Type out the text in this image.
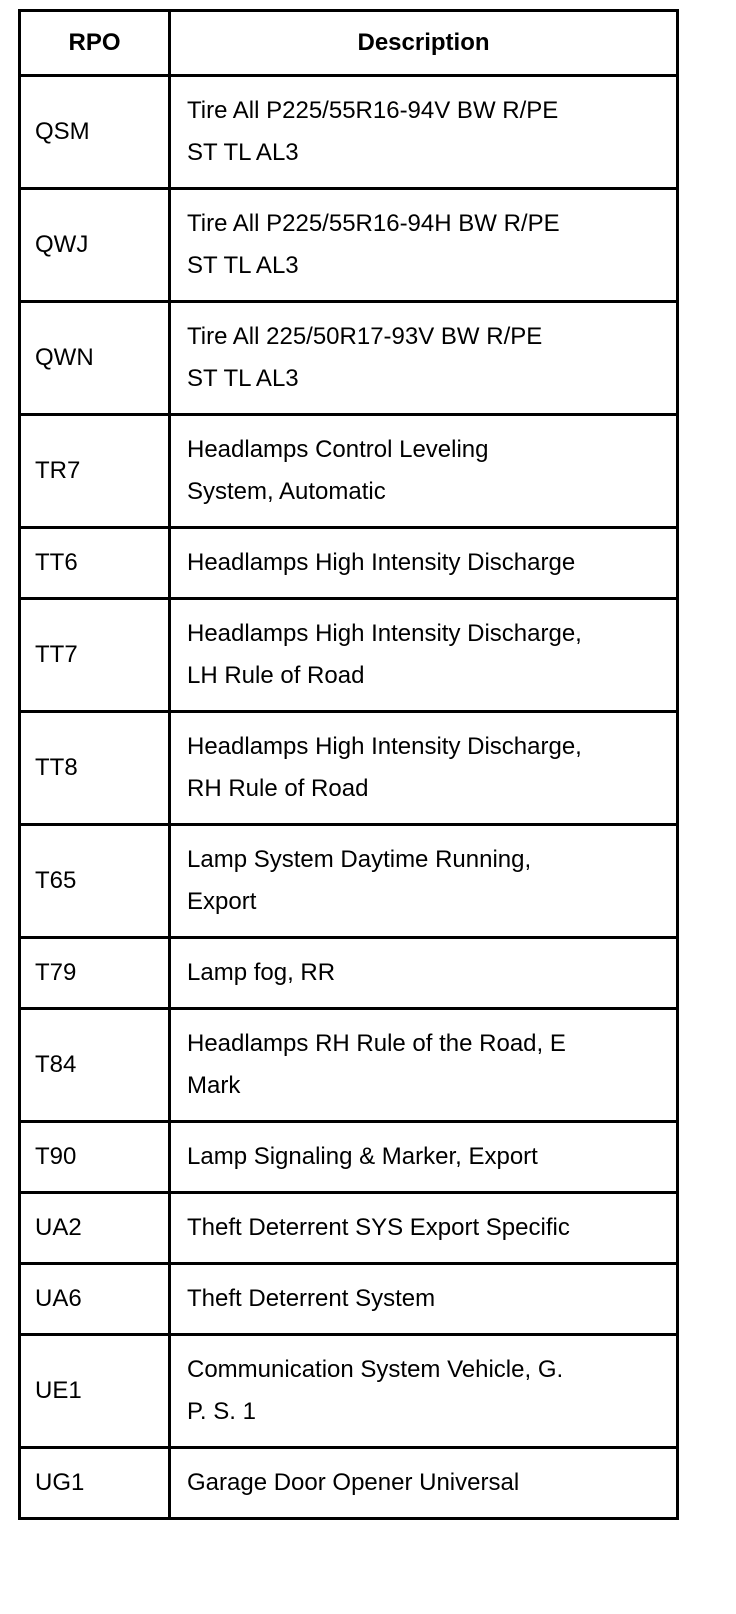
RPO	Description
QSM	Tire All P225/55R16-94V BW R/PE
ST TL AL3

QWJ	Tire All P225/55R16-94H BW R/PE
ST TL AL3

QWN	Tire All 225/50R17-93V BW R/PE
ST TL AL3

TR7	Headlamps Control Leveling
System, Automatic

TT6	Headlamps High Intensity Discharge

TT7	Headlamps High Intensity Discharge,
LH Rule of Road

TT8	Headlamps High Intensity Discharge,
RH Rule of Road

T65	Lamp System Daytime Running,
Export

T79	Lamp fog, RR

T84	Headlamps RH Rule of the Road, E
Mark

T90	Lamp Signaling & Marker, Export

UA2	Theft Deterrent SYS Export Specific

UA6	Theft Deterrent System

UE1	Communication System Vehicle, G.
P. S. 1

UG1	Garage Door Opener Universal
